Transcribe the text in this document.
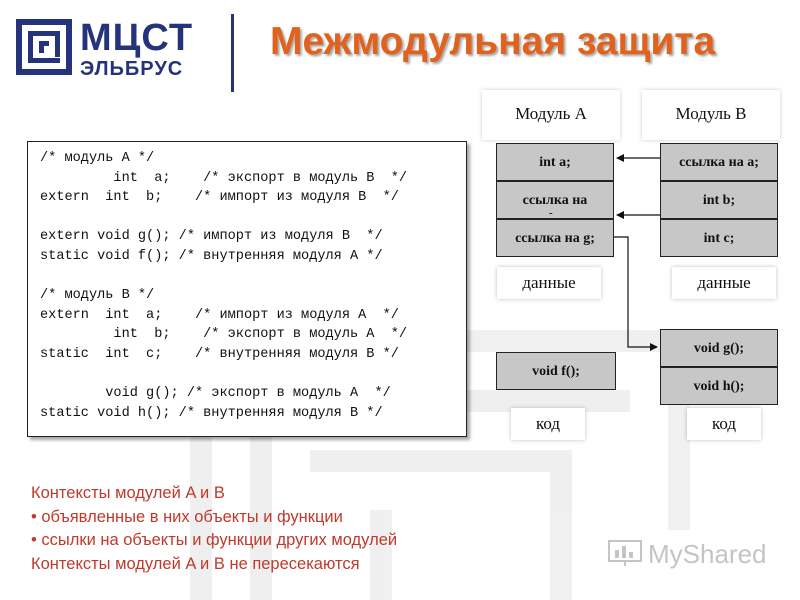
МЦСТ
ЭЛЬБРУС
Межмодульная защита
/* модуль A */
int  a;    /* экспорт в модуль B  */
extern  int  b;    /* импорт из модуля B  */

extern void g(); /* импорт из модуля B  */
static void f(); /* внутренняя модуля A */

/* модуль B */
extern  int  a;    /* импорт из модуля A  */
int  b;    /* экспорт в модуль A  */
static  int  c;    /* внутренняя модуля B */

void g(); /* экспорт в модуль A  */
static void h(); /* внутренняя модуля B */
Модуль А	Модуль В
int a;
ссылка на
-
ссылка на g;
ссылка на a;
int b;
int c;
данные	данные
void f();
void g();
void h();
код	код
Контексты модулей A и B
• объявленные в них объекты и функции
• ссылки на объекты и функции других модулей
Контексты модулей A и B не пересекаются	MyShared
